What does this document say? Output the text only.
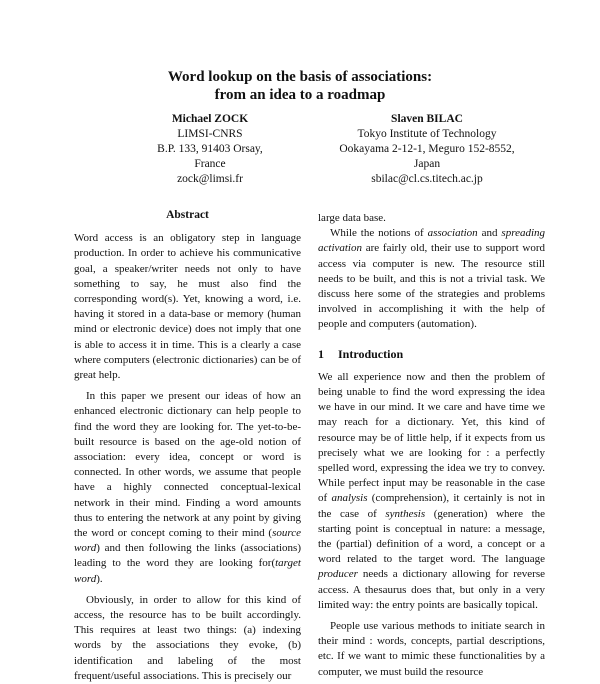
Word lookup on the basis of associations:
from an idea to a roadmap
Michael ZOCK
LIMSI-CNRS
B.P. 133, 91403 Orsay,
France
zock@limsi.fr
Slaven BILAC
Tokyo Institute of Technology
Ookayama 2-12-1, Meguro 152-8552,
Japan
sbilac@cl.cs.titech.ac.jp
Abstract

Word access is an obligatory step in language production. In order to achieve his communicative goal, a speaker/writer needs not only to have something to say, he must also find the corresponding word(s). Yet, knowing a word, i.e. having it stored in a data-base or memory (human mind or electronic device) does not imply that one is able to access it in time. This is a clearly a case where computers (electronic dictionaries) can be of great help.

In this paper we present our ideas of how an enhanced electronic dictionary can help people to find the word they are looking for. The yet-to-be-built resource is based on the age-old notion of association: every idea, concept or word is connected. In other words, we assume that people have a highly connected conceptual-lexical network in their mind. Finding a word amounts thus to entering the network at any point by giving the word or concept coming to their mind (source word) and then following the links (associations) leading to the word they are looking for(target word).

Obviously, in order to allow for this kind of access, the resource has to be built accordingly. This requires at least two things: (a) indexing words by the associations they evoke, (b) identification and labeling of the most frequent/useful associations. This is precisely our

large data base.

While the notions of association and spreading activation are fairly old, their use to support word access via computer is new. The resource still needs to be built, and this is not a trivial task. We discuss here some of the strategies and problems involved in accomplishing it with the help of people and computers (automation).

1 Introduction

We all experience now and then the problem of being unable to find the word expressing the idea we have in our mind. It we care and have time we may reach for a dictionary. Yet, this kind of resource may be of little help, if it expects from us precisely what we are looking for : a perfectly spelled word, expressing the idea we try to convey. While perfect input may be reasonable in the case of analysis (comprehension), it certainly is not in the case of synthesis (generation) where the starting point is conceptual in nature: a message, the (partial) definition of a word, a concept or a word related to the target word. The language producer needs a dictionary allowing for reverse access. A thesaurus does that, but only in a very limited way: the entry points are basically topical.

People use various methods to initiate search in their mind : words, concepts, partial descriptions, etc. If we want to mimic these functionalities by a computer, we must build the resource
